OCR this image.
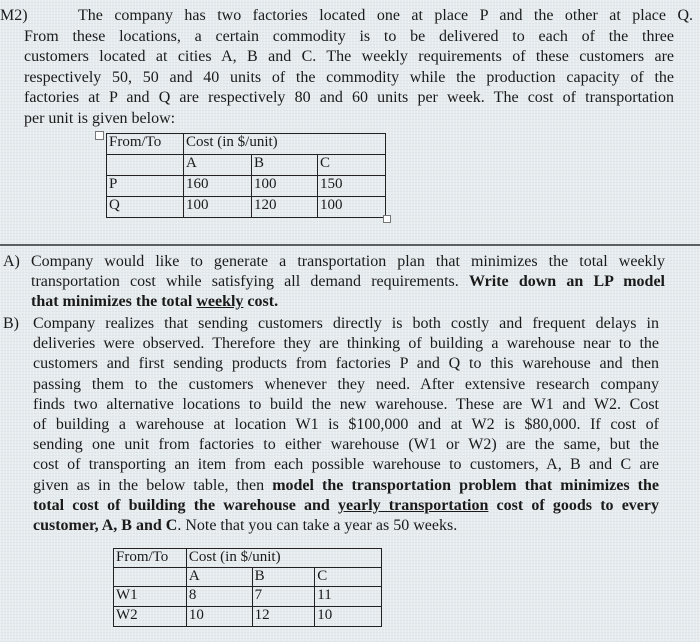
M2)	The company has two factories located one at place P and the other at place Q.
From these locations, a certain commodity is to be delivered to each of the three
customers located at cities A, B and C. The weekly requirements of these customers are
respectively 50, 50 and 40 units of the commodity while the production capacity of the
factories at P and Q are respectively 80 and 60 units per week. The cost of transportation
per unit is given below:
From/To	Cost (in $/unit)		
	A	B	C
P	160	100	150
Q	100	120	100
A) Company would like to generate a transportation plan that minimizes the total weekly
transportation cost while satisfying all demand requirements. Write down an LP model
that minimizes the total weekly cost.
B) Company realizes that sending customers directly is both costly and frequent delays in
deliveries were observed. Therefore they are thinking of building a warehouse near to the
customers and first sending products from factories P and Q to this warehouse and then
passing them to the customers whenever they need. After extensive research company
finds two alternative locations to build the new warehouse. These are W1 and W2. Cost
of building a warehouse at location W1 is $100,000 and at W2 is $80,000. If cost of
sending one unit from factories to either warehouse (W1 or W2) are the same, but the
cost of transporting an item from each possible warehouse to customers, A, B and C are
given as in the below table, then model the transportation problem that minimizes the
total cost of building the warehouse and yearly transportation cost of goods to every
customer, A, B and C. Note that you can take a year as 50 weeks.
From/To	Cost (in $/unit)		
	A	B	C
W1	8	7	11
W2	10	12	10
